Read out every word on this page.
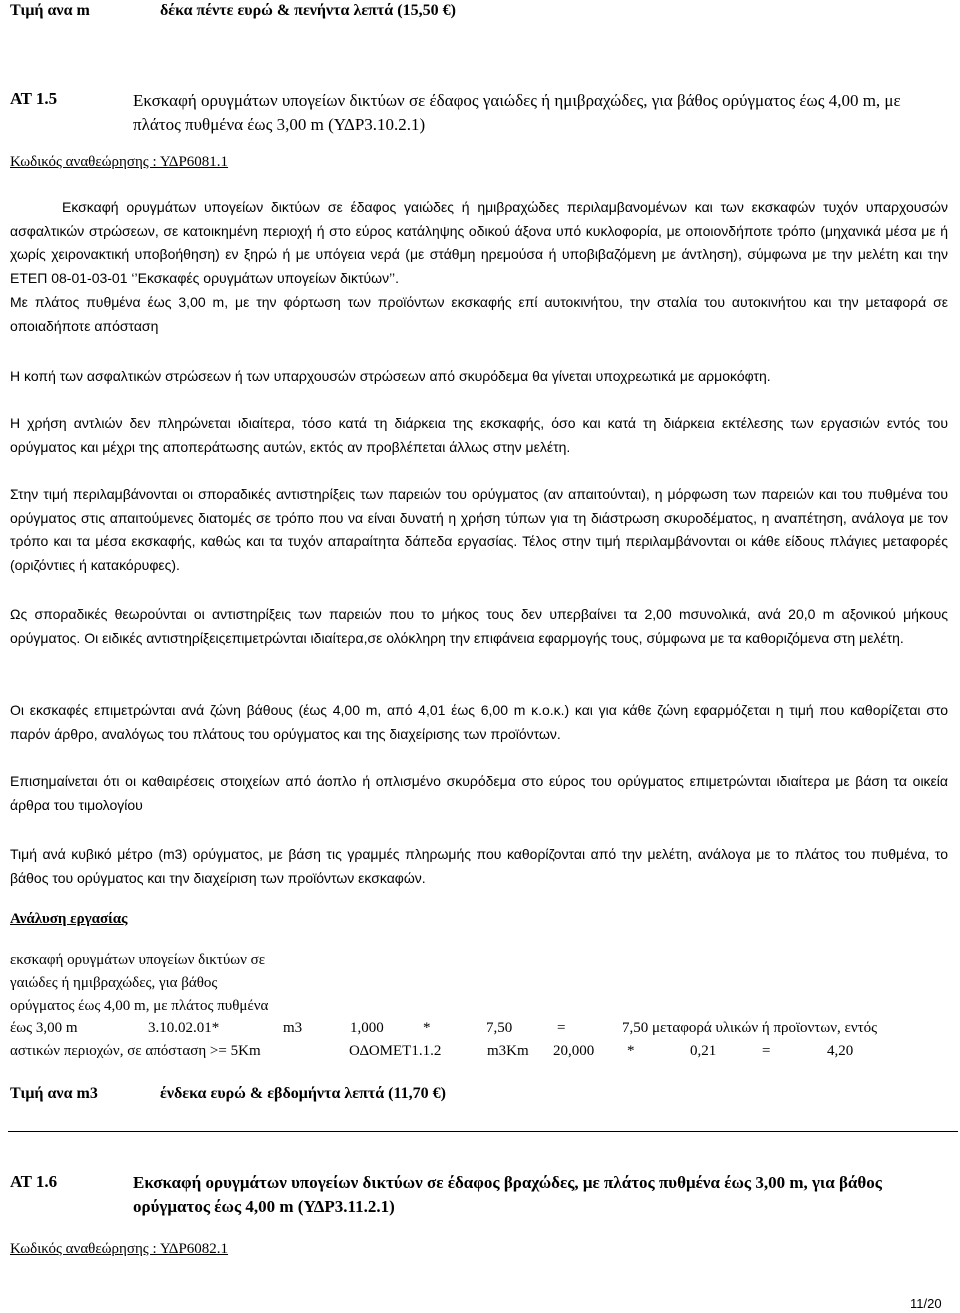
Τιμή ανα m	δέκα πέντε ευρώ & πενήντα λεπτά (15,50 €)
ΑΤ 1.5	Εκσκαφή ορυγμάτων υπογείων δικτύων σε έδαφος γαιώδες ή ημιβραχώδες, για βάθος ορύγματος έως 4,00 m, με πλάτος πυθμένα έως 3,00 m (ΥΔΡ3.10.2.1)
Κωδικός αναθεώρησης : ΥΔΡ6081.1
Εκσκαφή ορυγμάτων υπογείων δικτύων σε έδαφος γαιώδες ή ημιβραχώδες περιλαμβανομένων και των εκσκαφών τυχόν υπαρχουσών ασφαλτικών στρώσεων, σε κατοικημένη περιοχή ή στο εύρος κατάληψης οδικού άξονα υπό κυκλοφορία, με οποιονδήποτε τρόπο (μηχανικά μέσα με ή χωρίς χειρονακτική υποβοήθηση) εν ξηρώ ή με υπόγεια νερά (με στάθμη ηρεμούσα ή υποβιβαζόμενη με άντληση), σύμφωνα με την μελέτη και την ΕΤΕΠ 08-01-03-01 ‘’Εκσκαφές ορυγμάτων υπογείων δικτύων’’.
Με πλάτος πυθμένα έως 3,00 m, με την φόρτωση των προϊόντων εκσκαφής επί αυτοκινήτου, την σταλία του αυτοκινήτου και την μεταφορά σε οποιαδήποτε απόσταση
Η κοπή των ασφαλτικών στρώσεων ή των υπαρχουσών στρώσεων από σκυρόδεμα θα γίνεται υποχρεωτικά με αρμοκόφτη.
Η χρήση αντλιών δεν πληρώνεται ιδιαίτερα, τόσο κατά τη διάρκεια της εκσκαφής, όσο και κατά τη διάρκεια εκτέλεσης των εργασιών εντός του ορύγματος και μέχρι της αποπεράτωσης αυτών, εκτός αν προβλέπεται άλλως στην μελέτη.
Στην τιμή περιλαμβάνονται οι σποραδικές αντιστηρίξεις των παρειών του ορύγματος (αν απαιτούνται), η μόρφωση των παρειών και του πυθμένα του ορύγματος στις απαιτούμενες διατομές σε τρόπο που να είναι δυνατή η χρήση τύπων για τη διάστρωση σκυροδέματος, η αναπέτηση, ανάλογα με τον τρόπο και τα μέσα εκσκαφής, καθώς και τα τυχόν απαραίτητα δάπεδα εργασίας. Τέλος στην τιμή περιλαμβάνονται οι κάθε είδους πλάγιες μεταφορές (οριζόντιες ή κατακόρυφες).
Ως σποραδικές θεωρούνται οι αντιστηρίξεις των παρειών που το μήκος τους δεν υπερβαίνει τα 2,00 mσυνολικά, ανά 20,0 m αξονικού μήκους ορύγματος. Οι ειδικές αντιστηρίξειςεπιμετρώνται ιδιαίτερα,σε ολόκληρη την επιφάνεια εφαρμογής τους, σύμφωνα με τα καθοριζόμενα στη μελέτη.
Οι εκσκαφές επιμετρώνται ανά ζώνη βάθους (έως 4,00 m, από 4,01 έως 6,00 m κ.ο.κ.) και για κάθε ζώνη εφαρμόζεται η τιμή που καθορίζεται στο παρόν άρθρο, αναλόγως του πλάτους του ορύγματος και της διαχείρισης των προϊόντων.
Επισημαίνεται ότι οι καθαιρέσεις στοιχείων από άοπλο ή οπλισμένο σκυρόδεμα στο εύρος του ορύγματος επιμετρώνται ιδιαίτερα με βάση τα οικεία άρθρα του τιμολογίου
Τιμή ανά κυβικό μέτρο (m3) ορύγματος, με βάση τις γραμμές πληρωμής που καθορίζονται από την μελέτη, ανάλογα με το πλάτος του πυθμένα, το βάθος του ορύγματος και την διαχείριση των προϊόντων εκσκαφών.
Ανάλυση εργασίας
εκσκαφή ορυγμάτων υπογείων δικτύων σε
γαιώδες ή ημιβραχώδες, για βάθος
ορύγματος έως 4,00 m, με πλάτος πυθμένα
έως 3,00 m	3.10.02.01*	m3	1,000	*	7,50	=	7,50 μεταφορά υλικών ή προϊοντων, εντός
αστικών περιοχών, σε απόσταση >= 5Km	ΟΔΟΜΕΤ1.1.2	m3Km 20,000 *	0,21	=	4,20
Τιμή ανα m3	ένδεκα ευρώ & εβδομήντα λεπτά (11,70 €)
ΑΤ 1.6	Εκσκαφή ορυγμάτων υπογείων δικτύων σε έδαφος βραχώδες, με πλάτος πυθμένα έως 3,00 m, για βάθος ορύγματος έως 4,00 m (ΥΔΡ3.11.2.1)
Κωδικός αναθεώρησης : ΥΔΡ6082.1
11/20
